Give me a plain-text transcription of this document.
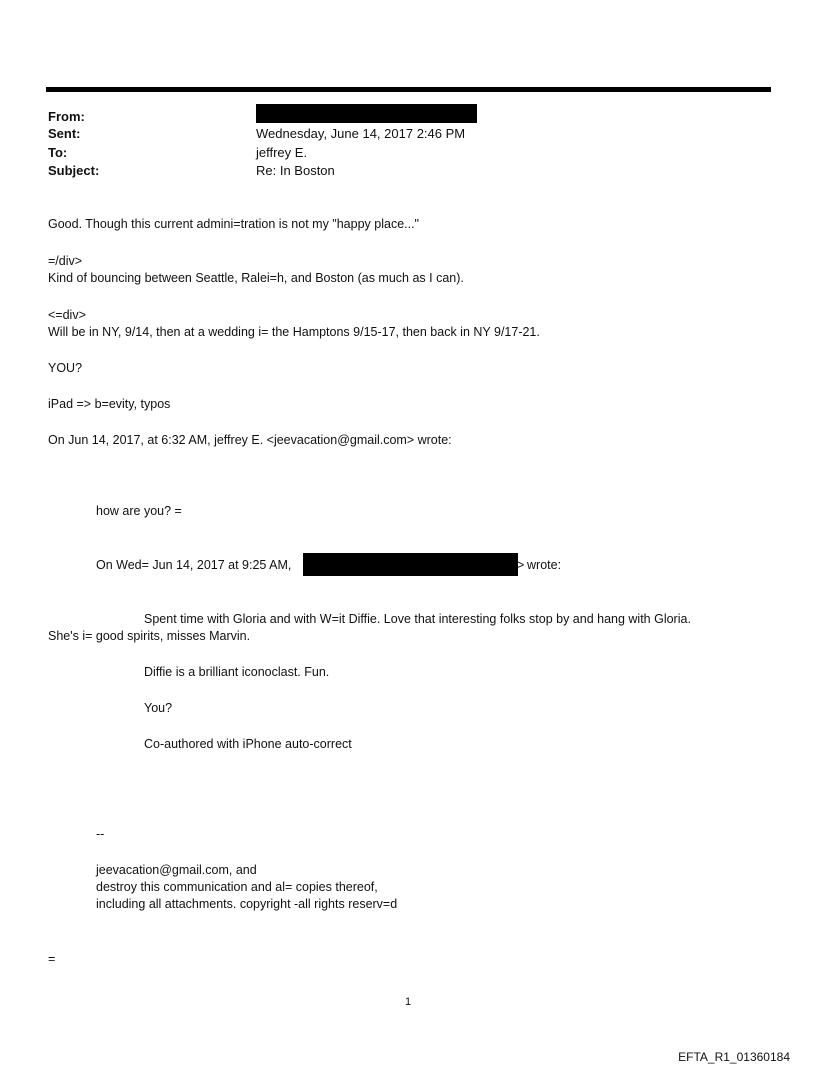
From:
Sent:	Wednesday, June 14, 2017 2:46 PM
To:	jeffrey E.
Subject:	Re: In Boston
Good. Though this current admini=tration is not my "happy place..."
=/div>
Kind of bouncing between Seattle, Ralei=h, and Boston (as much as I can).
<=div>
Will be in NY, 9/14, then at a wedding i= the Hamptons 9/15-17, then back in NY 9/17-21.
YOU?
iPad => b=evity, typos
On Jun 14, 2017, at 6:32 AM, jeffrey E. <jeevacation@gmail.com> wrote:
how are you? =
On Wed= Jun 14, 2017 at 9:25 AM,	> wrote:
Spent time with Gloria and with W=it Diffie. Love that interesting folks stop by and hang with Gloria.
She's i= good spirits, misses Marvin.
Diffie is a brilliant iconoclast. Fun.
You?
Co-authored with iPhone auto-correct
--
jeevacation@gmail.com, and
destroy this communication and al= copies thereof,
including all attachments. copyright -all rights reserv=d
=
1
EFTA_R1_01360184
